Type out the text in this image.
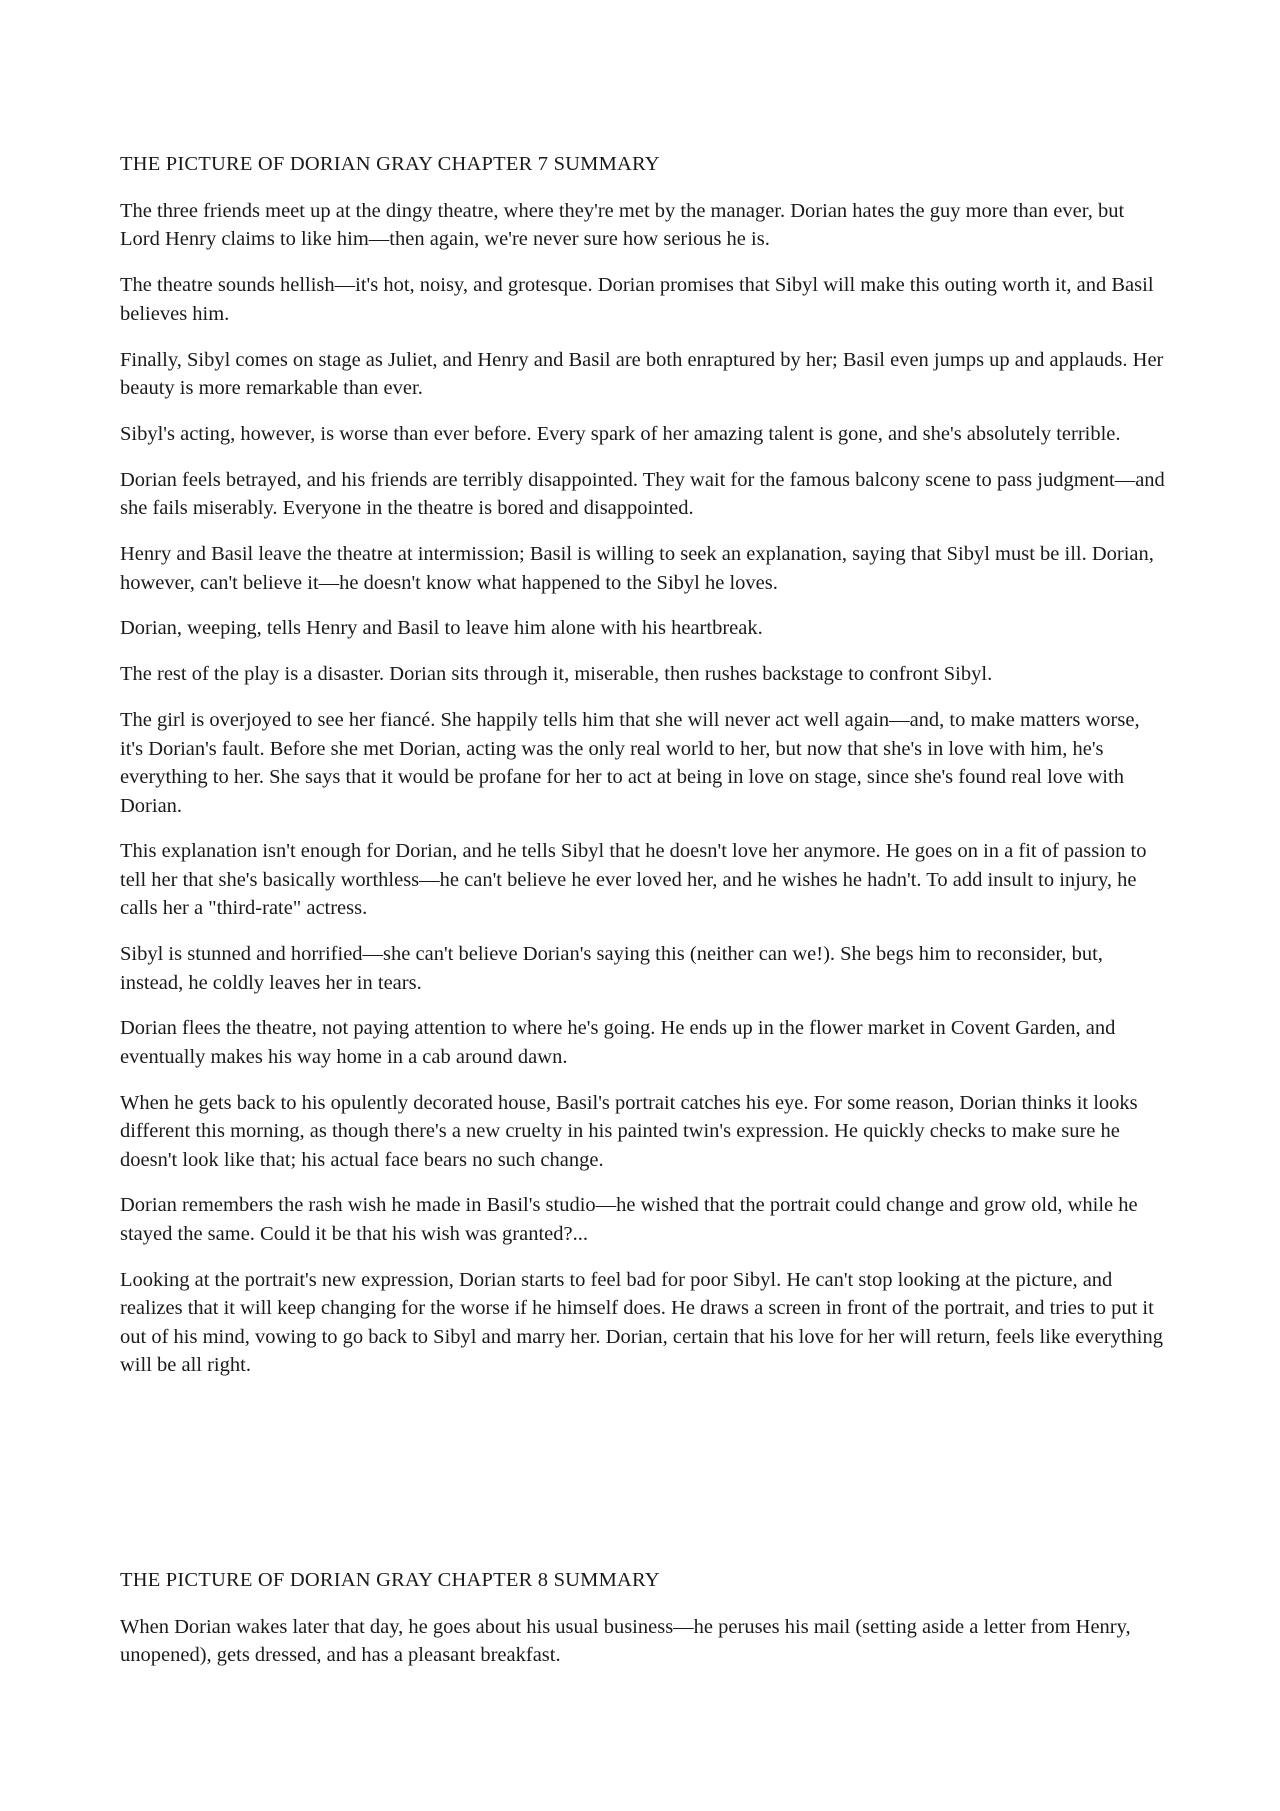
THE PICTURE OF DORIAN GRAY CHAPTER 7 SUMMARY

The three friends meet up at the dingy theatre, where they're met by the manager. Dorian hates the guy more than ever, but Lord Henry claims to like him—then again, we're never sure how serious he is.

The theatre sounds hellish—it's hot, noisy, and grotesque. Dorian promises that Sibyl will make this outing worth it, and Basil believes him.

Finally, Sibyl comes on stage as Juliet, and Henry and Basil are both enraptured by her; Basil even jumps up and applauds. Her beauty is more remarkable than ever.

Sibyl's acting, however, is worse than ever before. Every spark of her amazing talent is gone, and she's absolutely terrible.

Dorian feels betrayed, and his friends are terribly disappointed. They wait for the famous balcony scene to pass judgment—and she fails miserably. Everyone in the theatre is bored and disappointed.

Henry and Basil leave the theatre at intermission; Basil is willing to seek an explanation, saying that Sibyl must be ill. Dorian, however, can't believe it—he doesn't know what happened to the Sibyl he loves.

Dorian, weeping, tells Henry and Basil to leave him alone with his heartbreak.

The rest of the play is a disaster. Dorian sits through it, miserable, then rushes backstage to confront Sibyl.

The girl is overjoyed to see her fiancé. She happily tells him that she will never act well again—and, to make matters worse, it's Dorian's fault. Before she met Dorian, acting was the only real world to her, but now that she's in love with him, he's everything to her. She says that it would be profane for her to act at being in love on stage, since she's found real love with Dorian.

This explanation isn't enough for Dorian, and he tells Sibyl that he doesn't love her anymore. He goes on in a fit of passion to tell her that she's basically worthless—he can't believe he ever loved her, and he wishes he hadn't. To add insult to injury, he calls her a "third-rate" actress.

Sibyl is stunned and horrified—she can't believe Dorian's saying this (neither can we!). She begs him to reconsider, but, instead, he coldly leaves her in tears.

Dorian flees the theatre, not paying attention to where he's going. He ends up in the flower market in Covent Garden, and eventually makes his way home in a cab around dawn.

When he gets back to his opulently decorated house, Basil's portrait catches his eye. For some reason, Dorian thinks it looks different this morning, as though there's a new cruelty in his painted twin's expression. He quickly checks to make sure he doesn't look like that; his actual face bears no such change.

Dorian remembers the rash wish he made in Basil's studio—he wished that the portrait could change and grow old, while he stayed the same. Could it be that his wish was granted?...

Looking at the portrait's new expression, Dorian starts to feel bad for poor Sibyl. He can't stop looking at the picture, and realizes that it will keep changing for the worse if he himself does. He draws a screen in front of the portrait, and tries to put it out of his mind, vowing to go back to Sibyl and marry her. Dorian, certain that his love for her will return, feels like everything will be all right.

THE PICTURE OF DORIAN GRAY CHAPTER 8 SUMMARY

When Dorian wakes later that day, he goes about his usual business—he peruses his mail (setting aside a letter from Henry, unopened), gets dressed, and has a pleasant breakfast.
